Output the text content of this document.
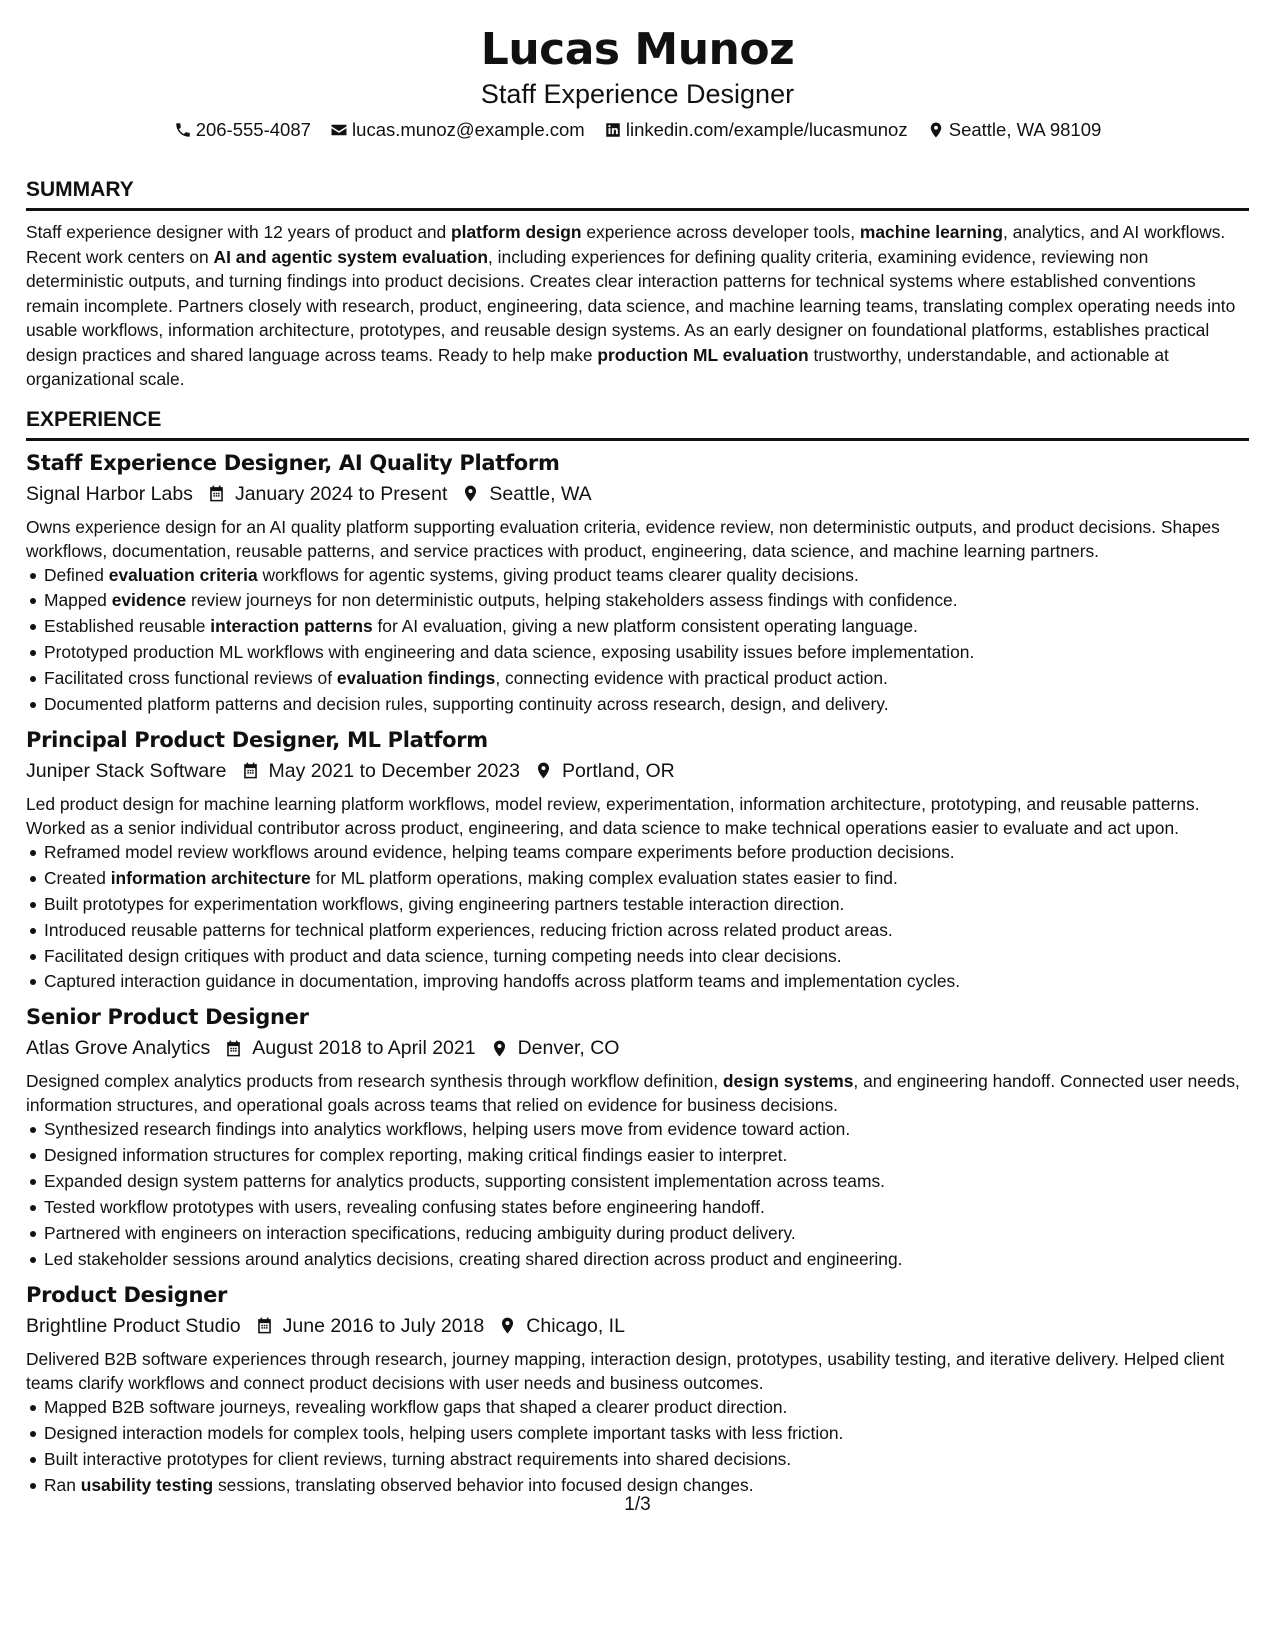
Lucas Munoz
Staff Experience Designer
206-555-4087
lucas.munoz@example.com
linkedin.com/example/lucasmunoz
Seattle, WA 98109
SUMMARY
Staff experience designer with 12 years of product and platform design experience across developer tools, machine learning, analytics, and AI workflows. Recent work centers on AI and agentic system evaluation, including experiences for defining quality criteria, examining evidence, reviewing non deterministic outputs, and turning findings into product decisions. Creates clear interaction patterns for technical systems where established conventions remain incomplete. Partners closely with research, product, engineering, data science, and machine learning teams, translating complex operating needs into usable workflows, information architecture, prototypes, and reusable design systems. As an early designer on foundational platforms, establishes practical design practices and shared language across teams. Ready to help make production ML evaluation trustworthy, understandable, and actionable at organizational scale.
EXPERIENCE
Staff Experience Designer, AI Quality Platform
Signal Harbor Labs January 2024 to Present Seattle, WA
Owns experience design for an AI quality platform supporting evaluation criteria, evidence review, non deterministic outputs, and product decisions. Shapes workflows, documentation, reusable patterns, and service practices with product, engineering, data science, and machine learning partners.
Defined evaluation criteria workflows for agentic systems, giving product teams clearer quality decisions.
Mapped evidence review journeys for non deterministic outputs, helping stakeholders assess findings with confidence.
Established reusable interaction patterns for AI evaluation, giving a new platform consistent operating language.
Prototyped production ML workflows with engineering and data science, exposing usability issues before implementation.
Facilitated cross functional reviews of evaluation findings, connecting evidence with practical product action.
Documented platform patterns and decision rules, supporting continuity across research, design, and delivery.
Principal Product Designer, ML Platform
Juniper Stack Software May 2021 to December 2023 Portland, OR
Led product design for machine learning platform workflows, model review, experimentation, information architecture, prototyping, and reusable patterns. Worked as a senior individual contributor across product, engineering, and data science to make technical operations easier to evaluate and act upon.
Reframed model review workflows around evidence, helping teams compare experiments before production decisions.
Created information architecture for ML platform operations, making complex evaluation states easier to find.
Built prototypes for experimentation workflows, giving engineering partners testable interaction direction.
Introduced reusable patterns for technical platform experiences, reducing friction across related product areas.
Facilitated design critiques with product and data science, turning competing needs into clear decisions.
Captured interaction guidance in documentation, improving handoffs across platform teams and implementation cycles.
Senior Product Designer
Atlas Grove Analytics August 2018 to April 2021 Denver, CO
Designed complex analytics products from research synthesis through workflow definition, design systems, and engineering handoff. Connected user needs, information structures, and operational goals across teams that relied on evidence for business decisions.
Synthesized research findings into analytics workflows, helping users move from evidence toward action.
Designed information structures for complex reporting, making critical findings easier to interpret.
Expanded design system patterns for analytics products, supporting consistent implementation across teams.
Tested workflow prototypes with users, revealing confusing states before engineering handoff.
Partnered with engineers on interaction specifications, reducing ambiguity during product delivery.
Led stakeholder sessions around analytics decisions, creating shared direction across product and engineering.
Product Designer
Brightline Product Studio June 2016 to July 2018 Chicago, IL
Delivered B2B software experiences through research, journey mapping, interaction design, prototypes, usability testing, and iterative delivery. Helped client teams clarify workflows and connect product decisions with user needs and business outcomes.
Mapped B2B software journeys, revealing workflow gaps that shaped a clearer product direction.
Designed interaction models for complex tools, helping users complete important tasks with less friction.
Built interactive prototypes for client reviews, turning abstract requirements into shared decisions.
Ran usability testing sessions, translating observed behavior into focused design changes.
1/3
